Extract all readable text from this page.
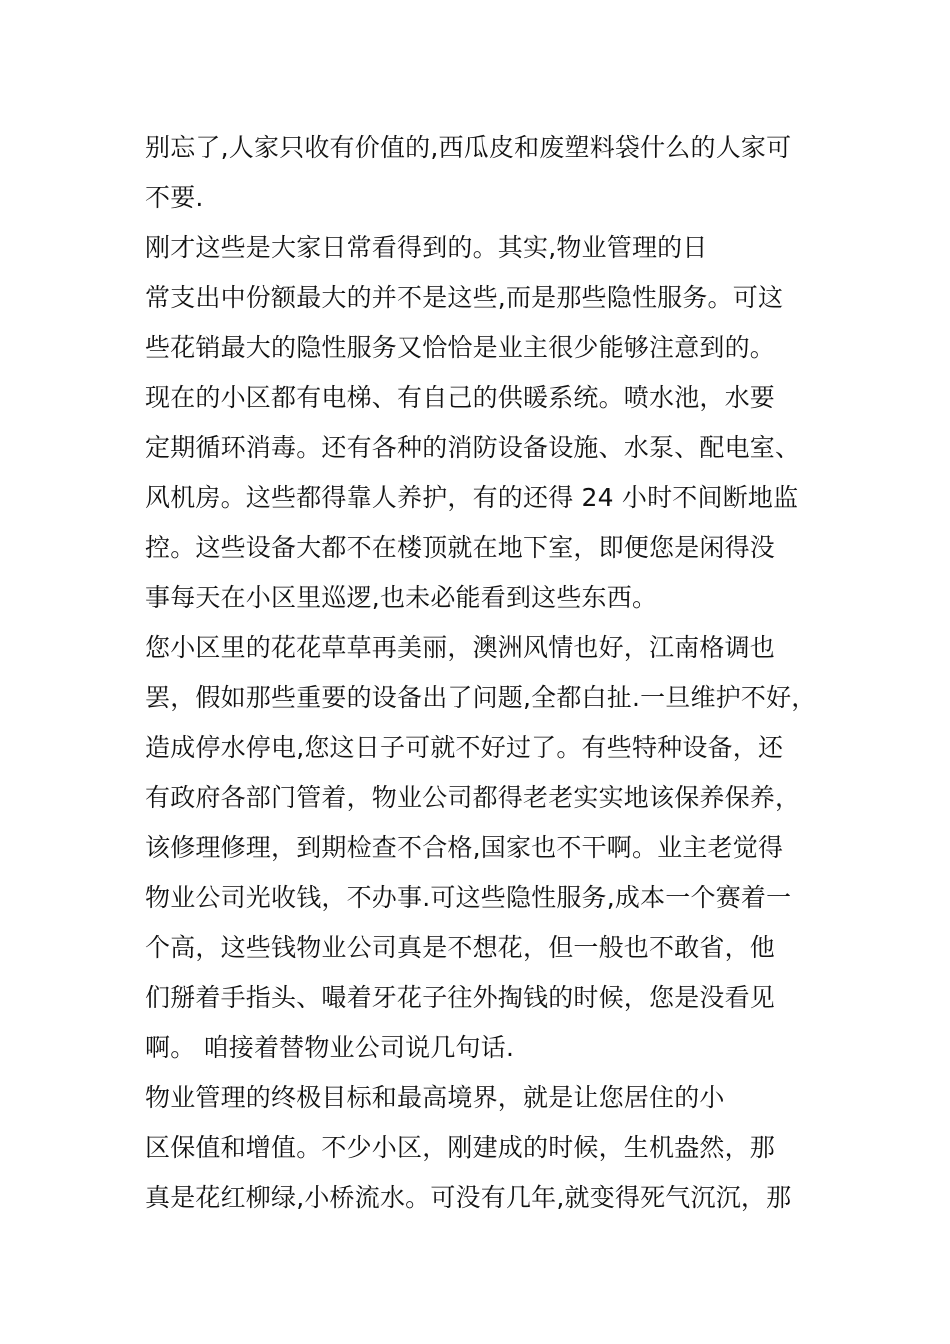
别忘了,人家只收有价值的,西瓜皮和废塑料袋什么的人家可
不要.
刚才这些是大家日常看得到的。其实,物业管理的日
常支出中份额最大的并不是这些,而是那些隐性服务。可这
些花销最大的隐性服务又恰恰是业主很少能够注意到的。
现在的小区都有电梯、有自己的供暖系统。喷水池，水要
定期循环消毒。还有各种的消防设备设施、水泵、配电室、
风机房。这些都得靠人养护，有的还得 24 小时不间断地监
控。这些设备大都不在楼顶就在地下室，即便您是闲得没
事每天在小区里巡逻,也未必能看到这些东西。
您小区里的花花草草再美丽，澳洲风情也好，江南格调也
罢，假如那些重要的设备出了问题,全都白扯.一旦维护不好，
造成停水停电,您这日子可就不好过了。有些特种设备，还
有政府各部门管着，物业公司都得老老实实地该保养保养，
该修理修理，到期检查不合格,国家也不干啊。业主老觉得
物业公司光收钱，不办事.可这些隐性服务,成本一个赛着一
个高，这些钱物业公司真是不想花，但一般也不敢省，他
们掰着手指头、嘬着牙花子往外掏钱的时候，您是没看见
啊。 咱接着替物业公司说几句话.
物业管理的终极目标和最高境界，就是让您居住的小
区保值和增值。不少小区，刚建成的时候，生机盎然，那
真是花红柳绿,小桥流水。可没有几年,就变得死气沉沉，那
